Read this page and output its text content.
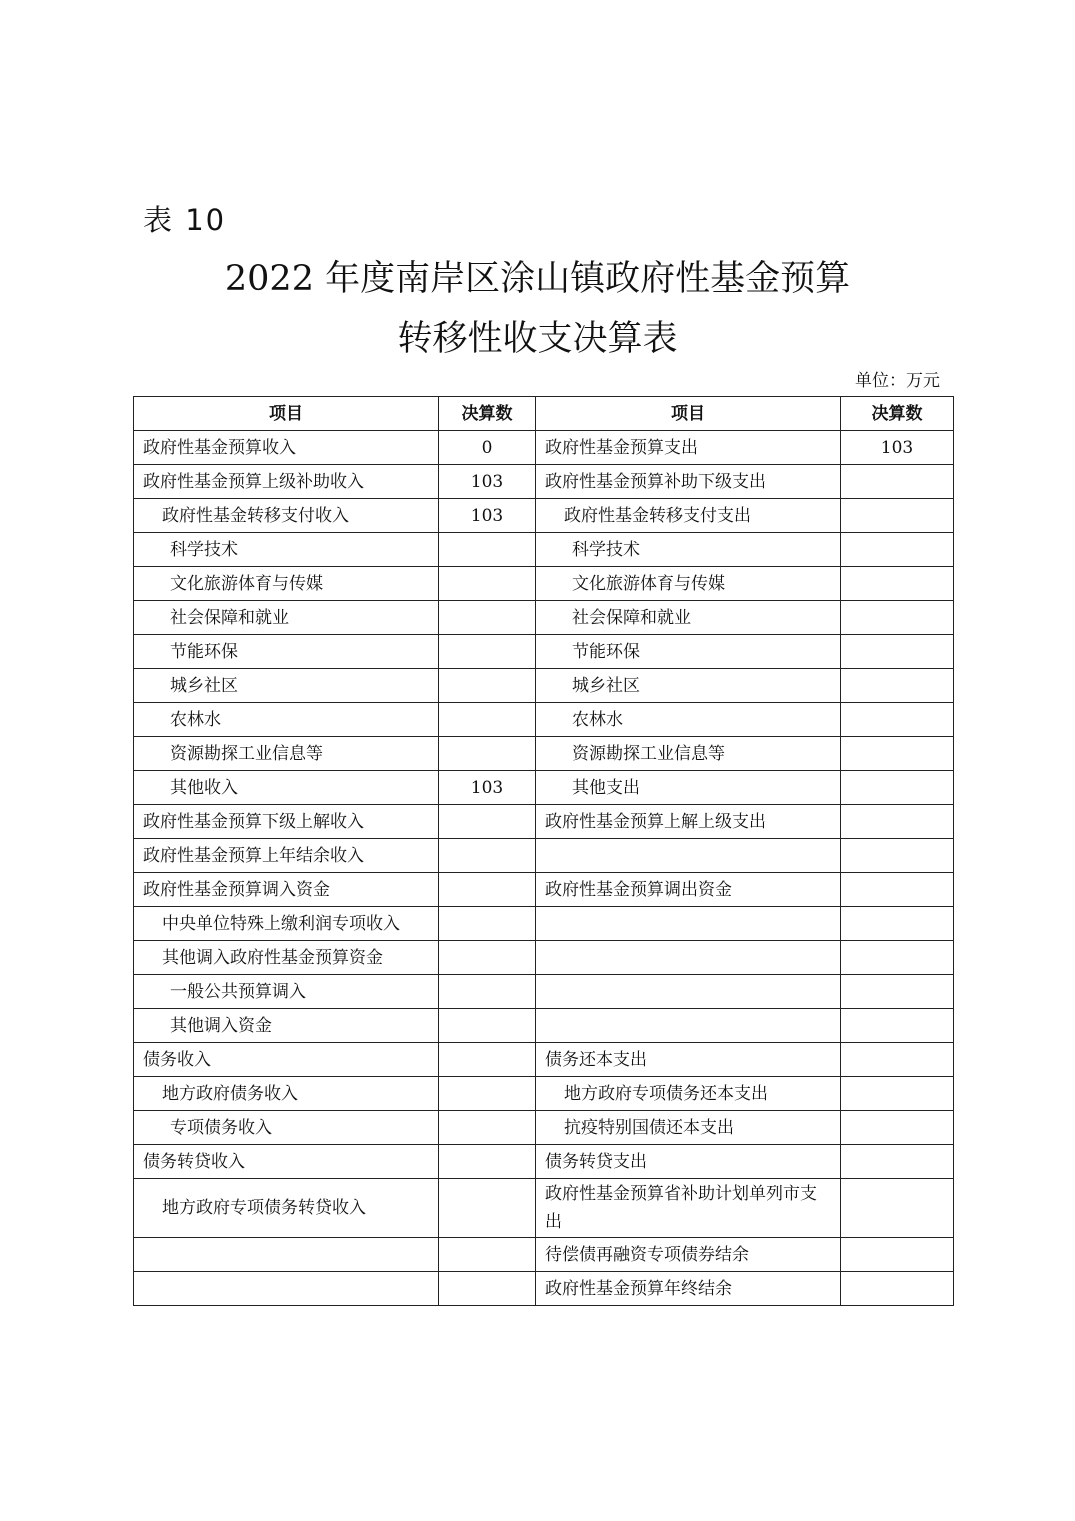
表 10
2022 年度南岸区涂山镇政府性基金预算
转移性收支决算表
单位：万元
项目	决算数	项目	决算数
政府性基金预算收入	0	政府性基金预算支出	103
政府性基金预算上级补助收入	103	政府性基金预算补助下级支出	
政府性基金转移支付收入	103	政府性基金转移支付支出	
科学技术		科学技术	
文化旅游体育与传媒		文化旅游体育与传媒	
社会保障和就业		社会保障和就业	
节能环保		节能环保	
城乡社区		城乡社区	
农林水		农林水	
资源勘探工业信息等		资源勘探工业信息等	
其他收入	103	其他支出	
政府性基金预算下级上解收入		政府性基金预算上解上级支出	
政府性基金预算上年结余收入			
政府性基金预算调入资金		政府性基金预算调出资金	
中央单位特殊上缴利润专项收入			
其他调入政府性基金预算资金			
一般公共预算调入			
其他调入资金			
债务收入		债务还本支出	
地方政府债务收入		地方政府专项债务还本支出	
专项债务收入		抗疫特别国债还本支出	
债务转贷收入		债务转贷支出	
地方政府专项债务转贷收入		政府性基金预算省补助计划单列市支出	
		待偿债再融资专项债券结余	
		政府性基金预算年终结余	
